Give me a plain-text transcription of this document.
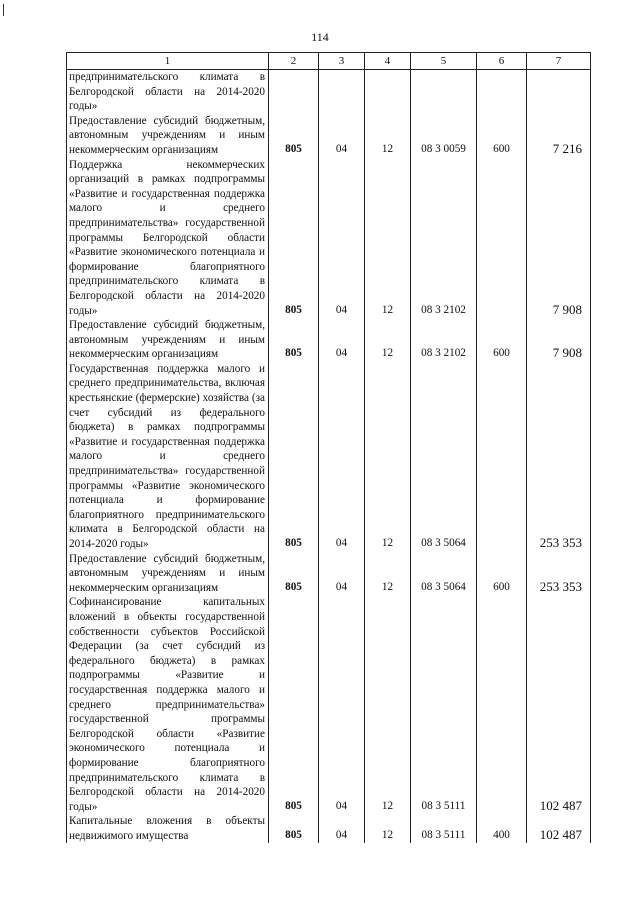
114
1	2	3	4	5	6	7
предпринимательского климата в Белгородской области на 2014-2020 годы»						
Предоставление субсидий бюджетным, автономным учреждениям и иным некоммерческим организациям	805	04	12	08 3 0059	600	7 216
Поддержка некоммерческих организаций в рамках подпрограммы «Развитие и государственная поддержка малого и среднего предпринимательства» государственной программы Белгородской области «Развитие экономического потенциала и формирование благоприятного предпринимательского климата в Белгородской области на 2014-2020 годы»	805	04	12	08 3 2102		7 908
Предоставление субсидий бюджетным, автономным учреждениям и иным некоммерческим организациям	805	04	12	08 3 2102	600	7 908
Государственная поддержка малого и среднего предпринимательства, включая крестьянские (фермерские) хозяйства (за счет субсидий из федерального бюджета) в рамках подпрограммы «Развитие и государственная поддержка малого и среднего предпринимательства» государственной программы «Развитие экономического потенциала и формирование благоприятного предпринимательского климата в Белгородской области на 2014-2020 годы»	805	04	12	08 3 5064		253 353
Предоставление субсидий бюджетным, автономным учреждениям и иным некоммерческим организациям	805	04	12	08 3 5064	600	253 353
Софинансирование капитальных вложений в объекты государственной собственности субъектов Российской Федерации (за счет субсидий из федерального бюджета) в рамках подпрограммы «Развитие и государственная поддержка малого и среднего предпринимательства» государственной программы Белгородской области «Развитие экономического потенциала и формирование благоприятного предпринимательского климата в Белгородской области на 2014-2020 годы»	805	04	12	08 3 5111		102 487
Капитальные вложения в объекты недвижимого имущества	805	04	12	08 3 5111	400	102 487
